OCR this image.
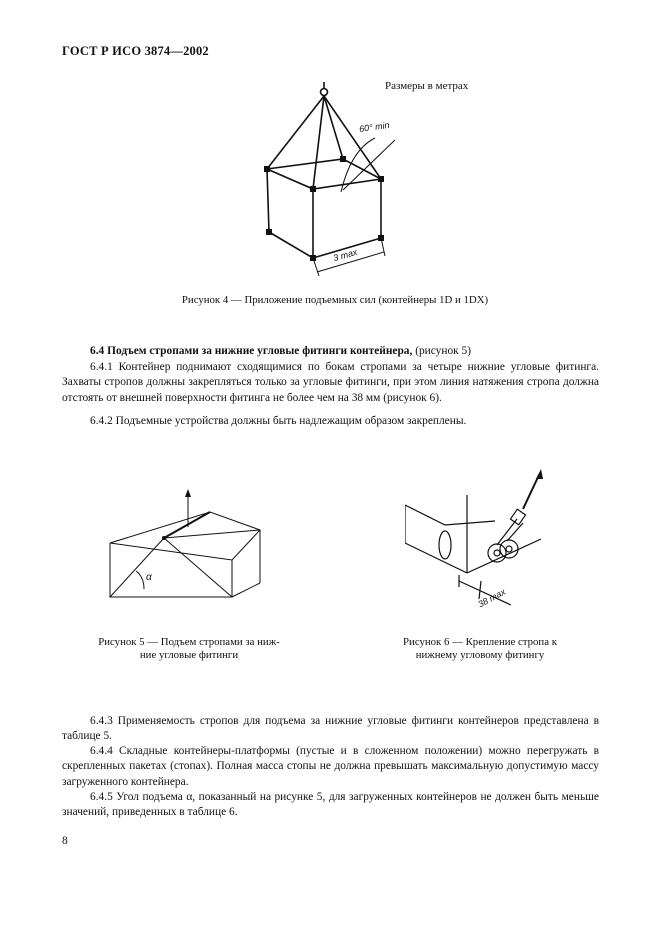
ГОСТ Р ИСО 3874—2002
Размеры в метрах
60° min
3 max
Рисунок 4 — Приложение подъемных сил (контейнеры 1D и 1DX)
6.4 Подъем стропами за нижние угловые фитинги контейнера, (рисунок 5)
6.4.1 Контейнер поднимают сходящимися по бокам стропами за четыре нижние угловые фитинга. Захваты стропов должны закрепляться только за угловые фитинги, при этом линия натяжения стропа должна отстоять от внешней поверхности фитинга не более чем на 38 мм (рисунок 6).
6.4.2 Подъемные устройства должны быть надлежащим образом закреплены.
α
Рисунок 5 — Подъем стропами за ниж-
ние угловые фитинги
38 max
Рисунок 6 — Крепление стропа к
нижнему угловому фитингу
6.4.3 Применяемость стропов для подъема за нижние угловые фитинги контейнеров представлена в таблице 5.
6.4.4 Складные контейнеры-платформы (пустые и в сложенном положении) можно перегружать в скрепленных пакетах (стопах). Полная масса стопы не должна превышать максимальную допустимую массу загруженного контейнера.
6.4.5 Угол подъема α, показанный на рисунке 5, для загруженных контейнеров не должен быть меньше значений, приведенных в таблице 6.
8
